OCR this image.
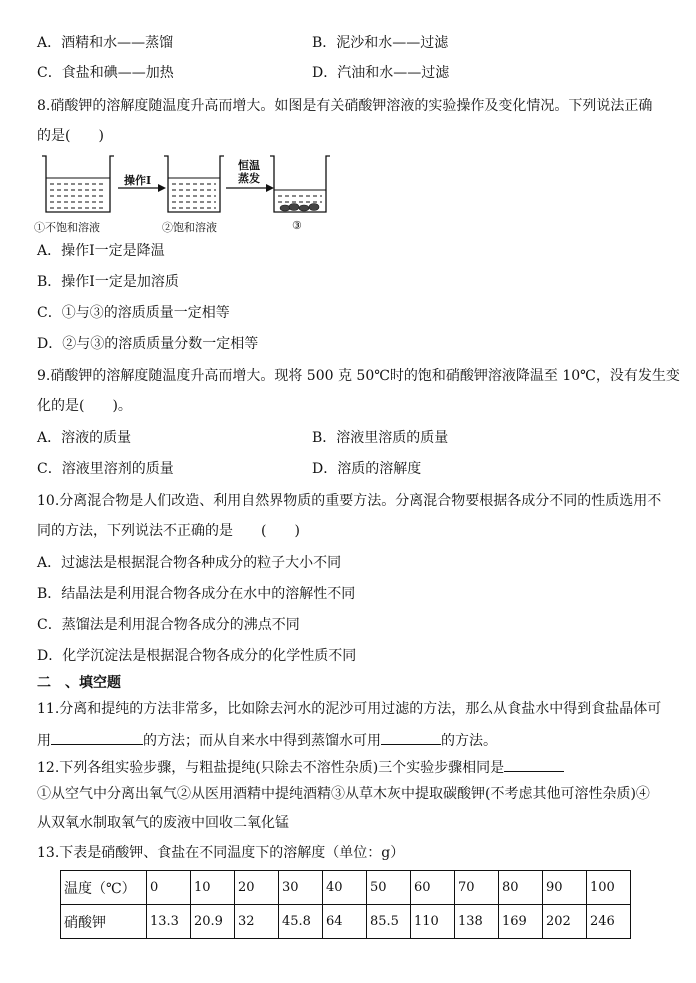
A．酒精和水——蒸馏	B．泥沙和水——过滤
C．食盐和碘——加热	D．汽油和水——过滤
8.硝酸钾的溶解度随温度升高而增大。如图是有关硝酸钾溶液的实验操作及变化情况。下列说法正确
的是(　　)
①不饱和溶液	②饱和溶液	③
操作Ⅰ
恒温
蒸发
A．操作Ⅰ一定是降温
B．操作Ⅰ一定是加溶质
C．①与③的溶质质量一定相等
D．②与③的溶质质量分数一定相等
9.硝酸钾的溶解度随温度升高而增大。现将 500 克 50℃时的饱和硝酸钾溶液降温至 10℃，没有发生变
化的是(　　)。
A．溶液的质量	B．溶液里溶质的质量
C．溶液里溶剂的质量	D．溶质的溶解度
10.分离混合物是人们改造、利用自然界物质的重要方法。分离混合物要根据各成分不同的性质选用不
同的方法，下列说法不正确的是　　(　　)
A．过滤法是根据混合物各种成分的粒子大小不同
B．结晶法是利用混合物各成分在水中的溶解性不同
C．蒸馏法是利用混合物各成分的沸点不同
D．化学沉淀法是根据混合物各成分的化学性质不同
二　、填空题
11.分离和提纯的方法非常多，比如除去河水的泥沙可用过滤的方法，那么从食盐水中得到食盐晶体可
用	的方法；而从自来水中得到蒸馏水可用	的方法。
12.下列各组实验步骤，与粗盐提纯(只除去不溶性杂质)三个实验步骤相同是
①从空气中分离出氧气②从医用酒精中提纯酒精③从草木灰中提取碳酸钾(不考虑其他可溶性杂质)④
从双氧水制取氧气的废液中回收二氧化锰
13.下表是硝酸钾、食盐在不同温度下的溶解度（单位：g）
温度（℃）	0	10	20	30	40	50	60	70	80	90	100
硝酸钾	13.3	20.9	32	45.8	64	85.5	110	138	169	202	246
